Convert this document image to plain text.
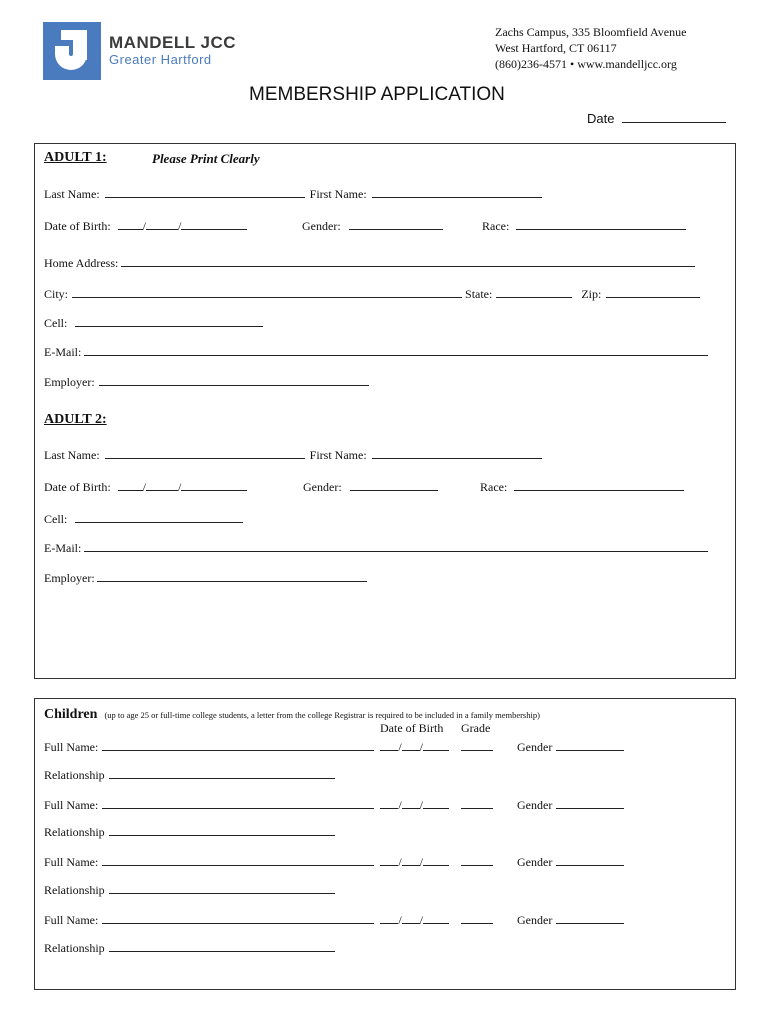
MANDELL JCC
Greater Hartford
Zachs Campus, 335 Bloomfield Avenue
West Hartford, CT 06117
(860)236-4571 • www.mandelljcc.org
MEMBERSHIP APPLICATION
Date
ADULT 1:	Please Print Clearly
Last Name:	First Name:
Date of Birth:	/	/	Gender:	Race:
Home Address:
City:	State:	Zip:
Cell:
E-Mail:
Employer:
ADULT 2:
Last Name:	First Name:
Date of Birth:	/	/	Gender:	Race:
Cell:
E-Mail:
Employer:
Children (up to age 25 or full-time college students, a letter from the college Registrar is required to be included in a family membership)
Date of Birth Grade
Full Name:	/ /	Gender
Relationship
Full Name:	/ /	Gender
Relationship
Full Name:	/ /	Gender
Relationship
Full Name:	/ /	Gender
Relationship
